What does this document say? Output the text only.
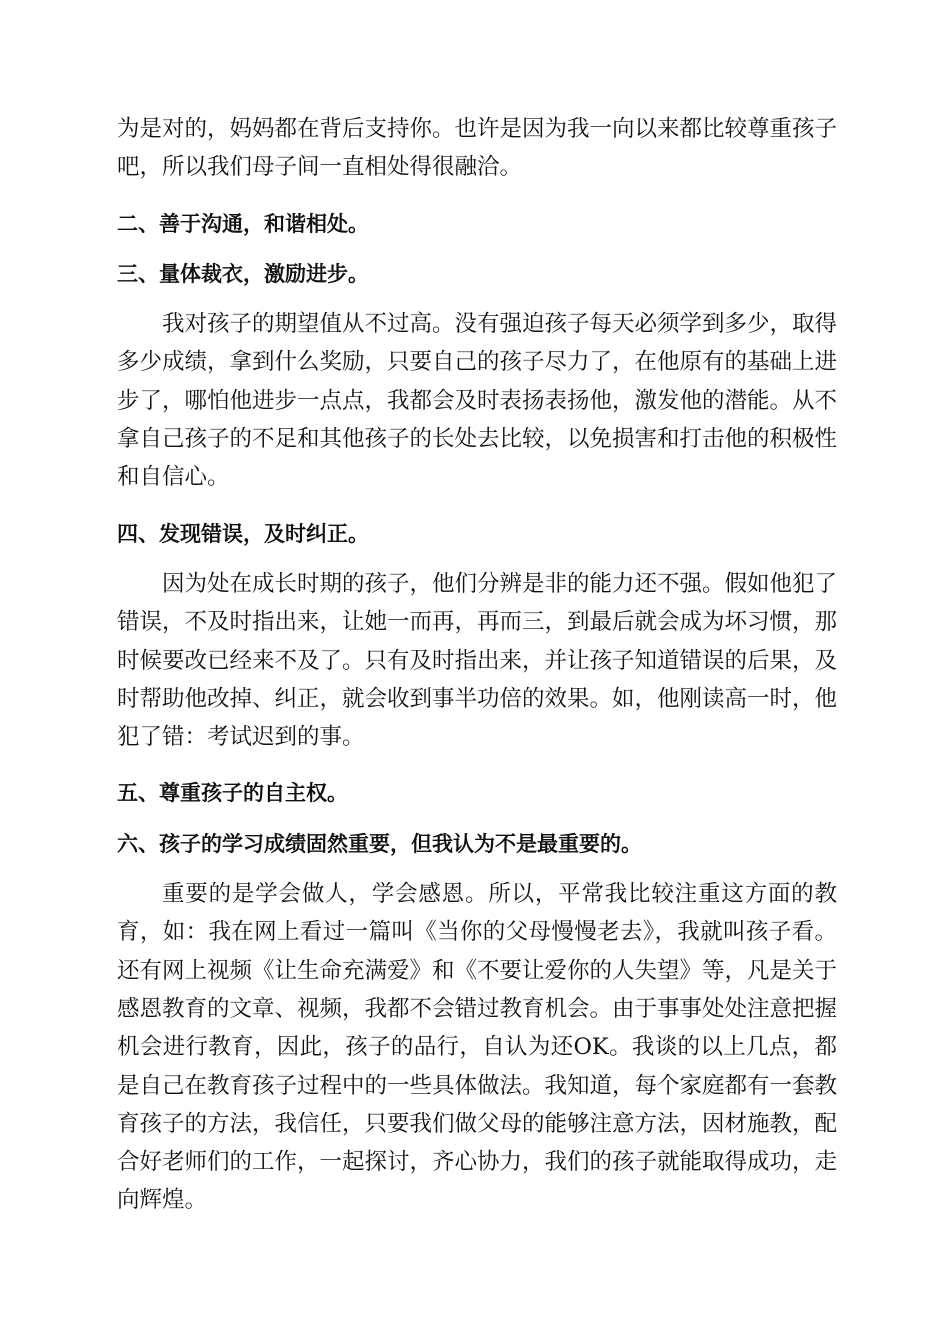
为是对的，妈妈都在背后支持你。也许是因为我一向以来都比较尊重孩子吧，所以我们母子间一直相处得很融洽。

二、善于沟通，和谐相处。

三、量体裁衣，激励进步。

我对孩子的期望值从不过高。没有强迫孩子每天必须学到多少，取得多少成绩，拿到什么奖励，只要自己的孩子尽力了，在他原有的基础上进步了，哪怕他进步一点点，我都会及时表扬表扬他，激发他的潜能。从不拿自己孩子的不足和其他孩子的长处去比较，以免损害和打击他的积极性和自信心。

四、发现错误，及时纠正。

因为处在成长时期的孩子，他们分辨是非的能力还不强。假如他犯了错误，不及时指出来，让她一而再，再而三，到最后就会成为坏习惯，那时候要改已经来不及了。只有及时指出来，并让孩子知道错误的后果，及时帮助他改掉、纠正，就会收到事半功倍的效果。如，他刚读高一时，他犯了错：考试迟到的事。

五、尊重孩子的自主权。

六、孩子的学习成绩固然重要，但我认为不是最重要的。

重要的是学会做人，学会感恩。所以，平常我比较注重这方面的教育，如：我在网上看过一篇叫《当你的父母慢慢老去》，我就叫孩子看。还有网上视频《让生命充满爱》和《不要让爱你的人失望》等，凡是关于感恩教育的文章、视频，我都不会错过教育机会。由于事事处处注意把握机会进行教育，因此，孩子的品行，自认为还OK。我谈的以上几点，都是自己在教育孩子过程中的一些具体做法。我知道，每个家庭都有一套教育孩子的方法，我信任，只要我们做父母的能够注意方法，因材施教，配合好老师们的工作，一起探讨，齐心协力，我们的孩子就能取得成功，走向辉煌。
